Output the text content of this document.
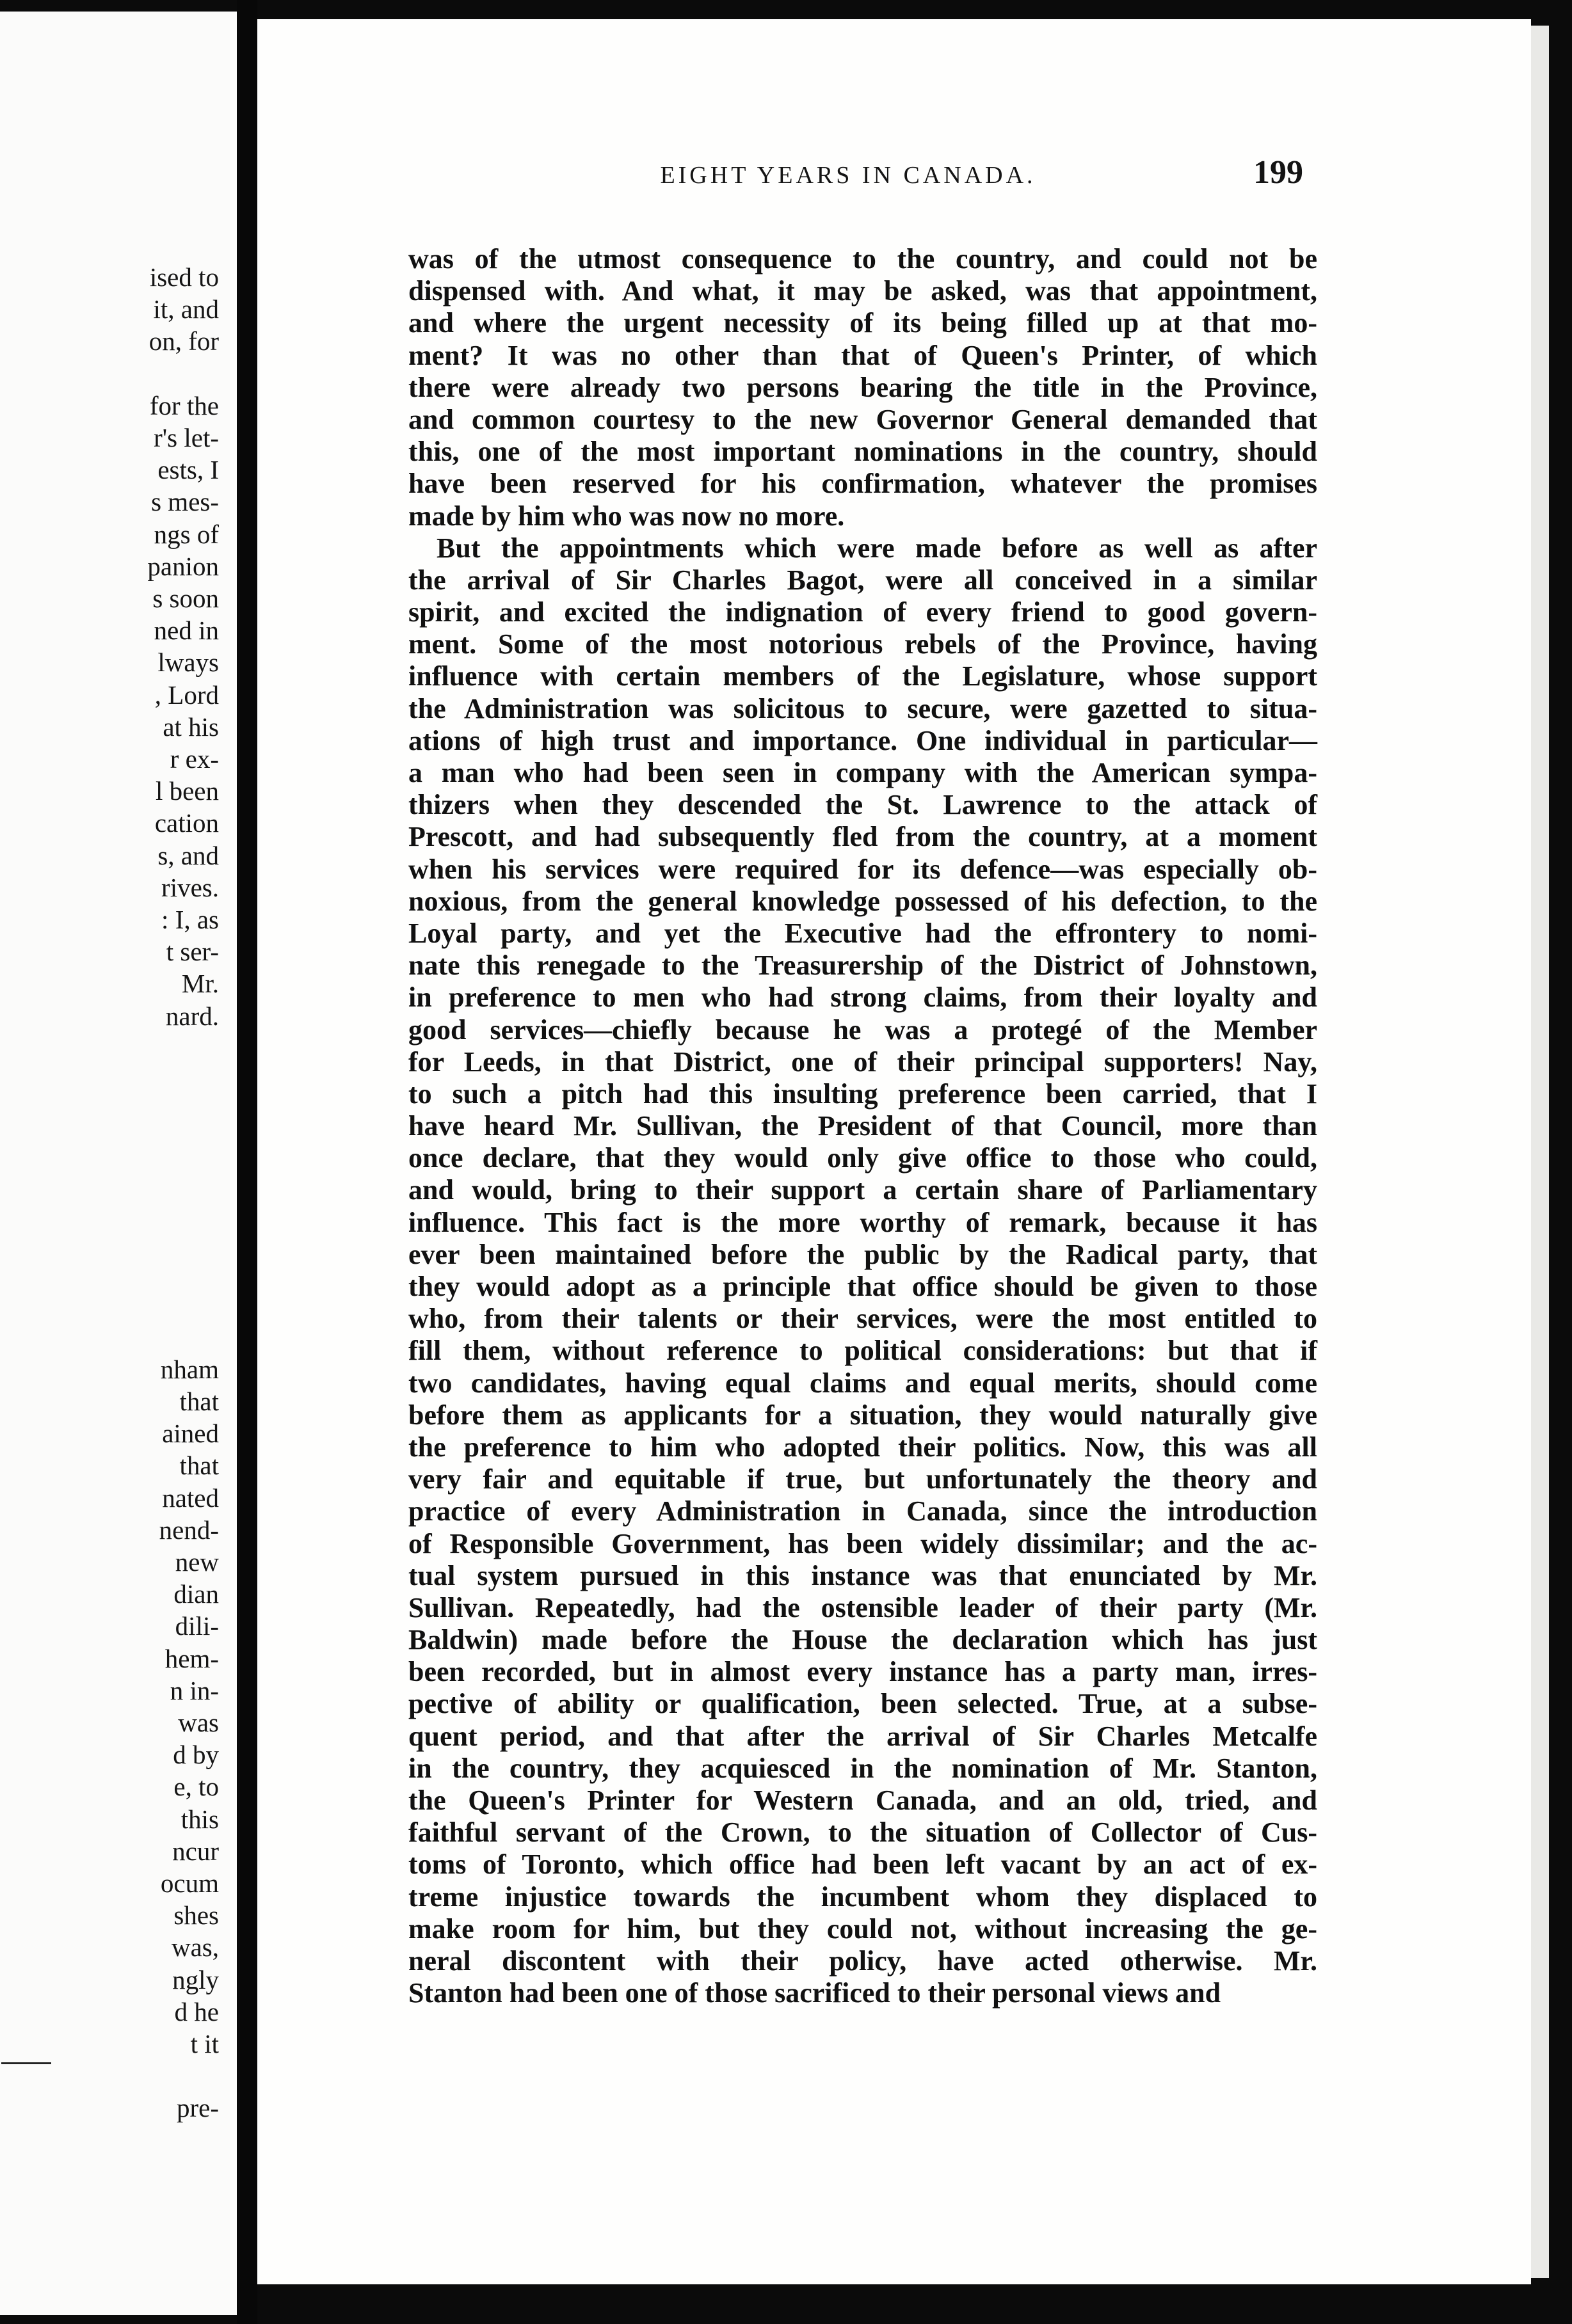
ised to
it, and
on, for
for the
r's let-
ests, I
s mes-
ngs of
panion
s soon
ned in
lways
, Lord
at his
r ex-
l been
cation
s, and
rives.
: I, as
t ser-
Mr.
nard.
nham
that
ained
that
nated
nend-
new
dian
dili-
hem-
n in-
was
d by
e, to
this
ncur
ocum
shes
was,
ngly
d he
t it
pre-
EIGHT YEARS IN CANADA.	199
was of the utmost consequence to the country, and could not be
dispensed with. And what, it may be asked, was that appointment,
and where the urgent necessity of its being filled up at that mo-
ment? It was no other than that of Queen's Printer, of which
there were already two persons bearing the title in the Province,
and common courtesy to the new Governor General demanded that
this, one of the most important nominations in the country, should
have been reserved for his confirmation, whatever the promises
made by him who was now no more.
But the appointments which were made before as well as after
the arrival of Sir Charles Bagot, were all conceived in a similar
spirit, and excited the indignation of every friend to good govern-
ment. Some of the most notorious rebels of the Province, having
influence with certain members of the Legislature, whose support
the Administration was solicitous to secure, were gazetted to situa-
ations of high trust and importance. One individual in particular—
a man who had been seen in company with the American sympa-
thizers when they descended the St. Lawrence to the attack of
Prescott, and had subsequently fled from the country, at a moment
when his services were required for its defence—was especially ob-
noxious, from the general knowledge possessed of his defection, to the
Loyal party, and yet the Executive had the effrontery to nomi-
nate this renegade to the Treasurership of the District of Johnstown,
in preference to men who had strong claims, from their loyalty and
good services—chiefly because he was a protegé of the Member
for Leeds, in that District, one of their principal supporters! Nay,
to such a pitch had this insulting preference been carried, that I
have heard Mr. Sullivan, the President of that Council, more than
once declare, that they would only give office to those who could,
and would, bring to their support a certain share of Parliamentary
influence. This fact is the more worthy of remark, because it has
ever been maintained before the public by the Radical party, that
they would adopt as a principle that office should be given to those
who, from their talents or their services, were the most entitled to
fill them, without reference to political considerations: but that if
two candidates, having equal claims and equal merits, should come
before them as applicants for a situation, they would naturally give
the preference to him who adopted their politics. Now, this was all
very fair and equitable if true, but unfortunately the theory and
practice of every Administration in Canada, since the introduction
of Responsible Government, has been widely dissimilar; and the ac-
tual system pursued in this instance was that enunciated by Mr.
Sullivan. Repeatedly, had the ostensible leader of their party (Mr.
Baldwin) made before the House the declaration which has just
been recorded, but in almost every instance has a party man, irres-
pective of ability or qualification, been selected. True, at a subse-
quent period, and that after the arrival of Sir Charles Metcalfe
in the country, they acquiesced in the nomination of Mr. Stanton,
the Queen's Printer for Western Canada, and an old, tried, and
faithful servant of the Crown, to the situation of Collector of Cus-
toms of Toronto, which office had been left vacant by an act of ex-
treme injustice towards the incumbent whom they displaced to
make room for him, but they could not, without increasing the ge-
neral discontent with their policy, have acted otherwise. Mr.
Stanton had been one of those sacrificed to their personal views and
